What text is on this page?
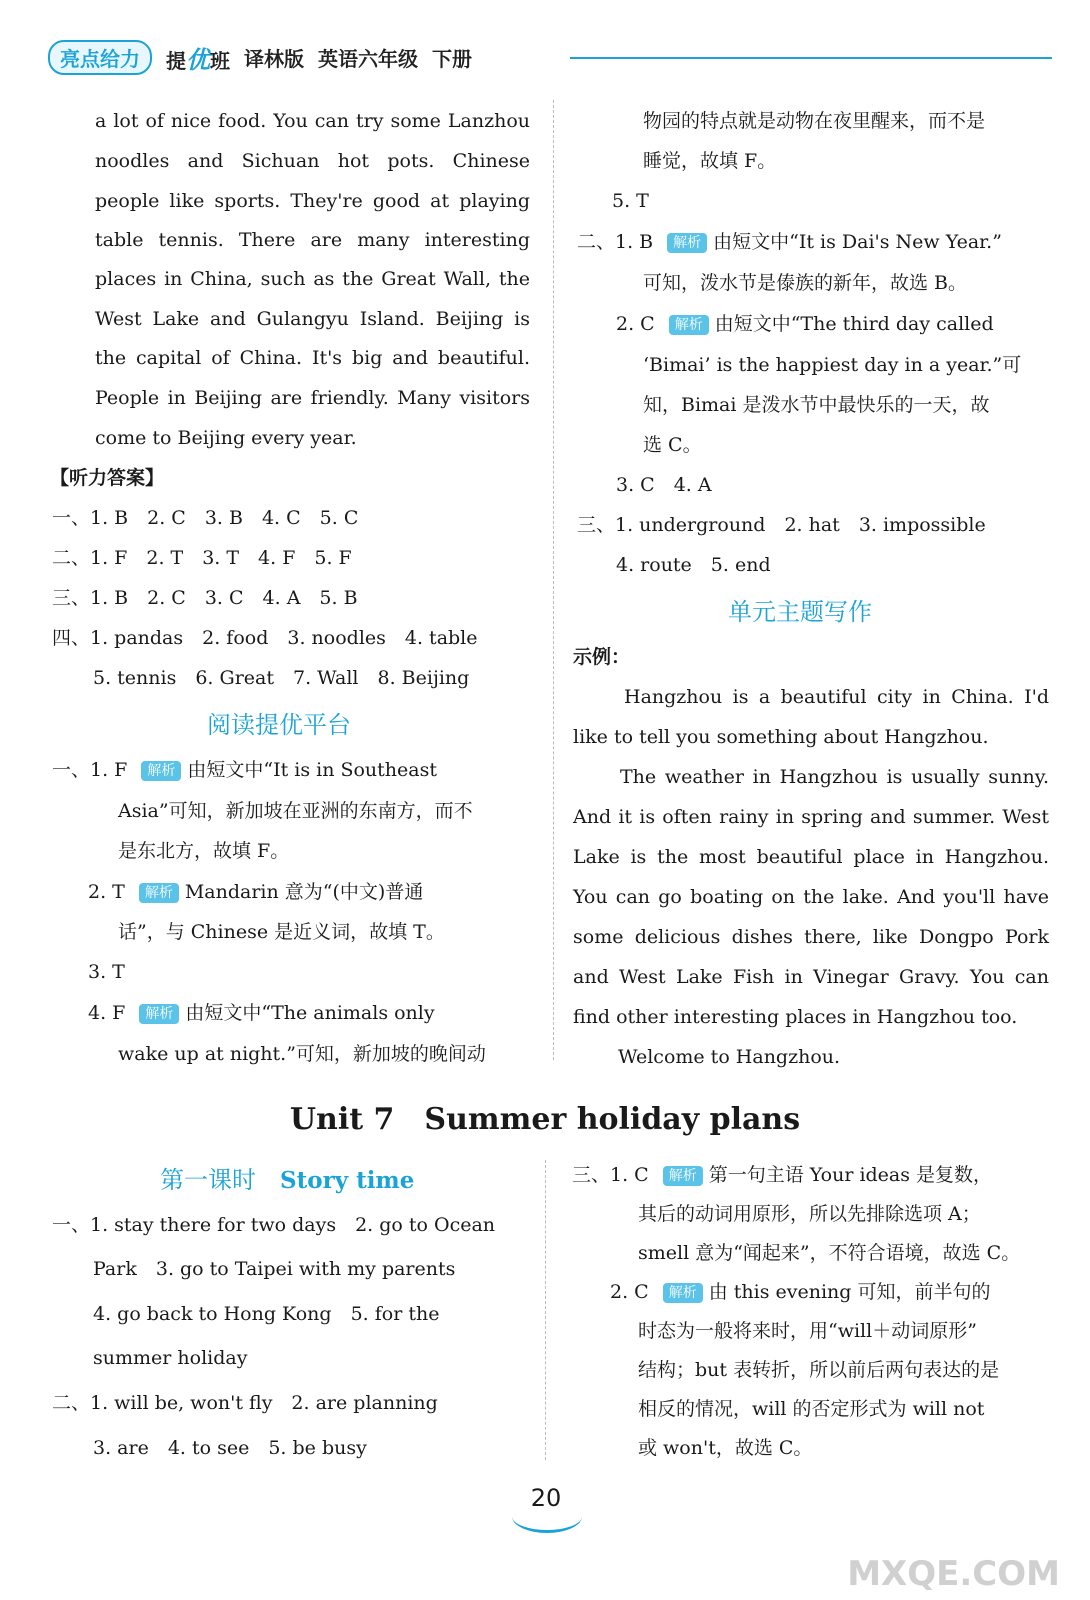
亮点给力	提优班 译林版 英语六年级 下册
a lot of nice food. You can try some Lanzhou
noodles and Sichuan hot pots. Chinese
people like sports. They're good at playing
table tennis. There are many interesting
places in China, such as the Great Wall, the
West Lake and Gulangyu Island. Beijing is
the capital of China. It's big and beautiful.
People in Beijing are friendly. Many visitors
come to Beijing every year.
【听力答案】
一、1. B　2. C　3. B　4. C　5. C
二、1. F　2. T　3. T　4. F　5. F
三、1. B　2. C　3. C　4. A　5. B
四、1. pandas　2. food　3. noodles　4. table
5. tennis　6. Great　7. Wall　8. Beijing
阅读提优平台
一、1. F 解析 由短文中“It is in Southeast
Asia”可知，新加坡在亚洲的东南方，而不
是东北方，故填 F。
2. T 解析 Mandarin 意为“(中文)普通
话”，与 Chinese 是近义词，故填 T。
3. T
4. F 解析 由短文中“The animals only
wake up at night.”可知，新加坡的晚间动
物园的特点就是动物在夜里醒来，而不是
睡觉，故填 F。
5. T
二、1. B 解析 由短文中“It is Dai's New Year.”
可知，泼水节是傣族的新年，故选 B。
2. C 解析 由短文中“The third day called
‘Bimai’ is the happiest day in a year.”可
知，Bimai 是泼水节中最快乐的一天，故
选 C。
3. C　4. A
三、1. underground　2. hat　3. impossible
4. route　5. end
单元主题写作
示例：
Hangzhou is a beautiful city in China. I'd
like to tell you something about Hangzhou.
The weather in Hangzhou is usually sunny.
And it is often rainy in spring and summer. West
Lake is the most beautiful place in Hangzhou.
You can go boating on the lake. And you'll have
some delicious dishes there, like Dongpo Pork
and West Lake Fish in Vinegar Gravy. You can
find other interesting places in Hangzhou too.
Welcome to Hangzhou.
Unit 7　Summer holiday plans
第一课时　 Story time
一、1. stay there for two days　2. go to Ocean
Park　3. go to Taipei with my parents
4. go back to Hong Kong　5. for the
summer holiday
二、1. will be, won't fly　2. are planning
3. are　4. to see　5. be busy
三、1. C 解析 第一句主语 Your ideas 是复数，
其后的动词用原形，所以先排除选项 A；
smell 意为“闻起来”，不符合语境，故选 C。
2. C 解析 由 this evening 可知，前半句的
时态为一般将来时，用“will＋动词原形”
结构；but 表转折，所以前后两句表达的是
相反的情况，will 的否定形式为 will not
或 won't，故选 C。
20
MXQE.COM
